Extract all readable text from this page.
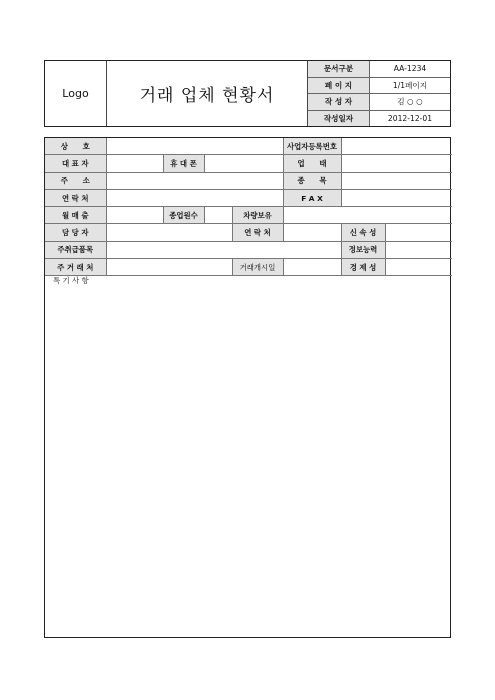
Logo	거래 업체 현황서
문서구분	AA-1234
페 이 지	1/1페이지
작 성 자	김 ○ ○
작성일자	2012-12-01
상　　호					사업자등록번호		
대 표 자		휴 대 폰			업　　태		
주　　소					종　　목		
연 락 처					F A X		
월 매 출		종업원수		차량보유			
담 당 자				연 락 처		신 속 성	
주취급품목						정보능력	
주 거 래 처				거래개시일		경 제 성	
특 기 사 항
